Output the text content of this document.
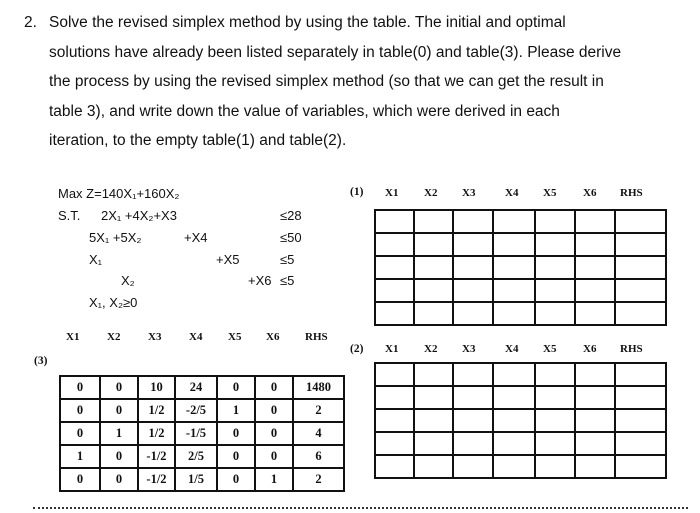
2. Solve the revised simplex method by using the table. The initial and optimal
solutions have already been listed separately in table(0) and table(3). Please derive
the process by using the revised simplex method (so that we can get the result in
table 3), and write down the value of variables, which were derived in each
iteration, to the empty table(1) and table(2).
Max Z=140X₁+160X₂
S.T. 2X₁ +4X₂+X3	≤28
5X₁ +5X₂	+X4	≤50
X₁	+X5	≤5
X₂	+X6 ≤5
X₁, X₂≥0
(1) X1 X2 X3	X4 X5 X6 RHS

X1	X2	X3	X4 X5 X6 RHS
(3)
0	0	10	24	0	0	1480
0	0	1/2	-2/5	1	0	2
0	1	1/2	-1/5	0	0	4
1	0	-1/2	2/5	0	0	6
0	0	-1/2	1/5	0	1	2
(2) X1 X2 X3	X4 X5 X6 RHS
